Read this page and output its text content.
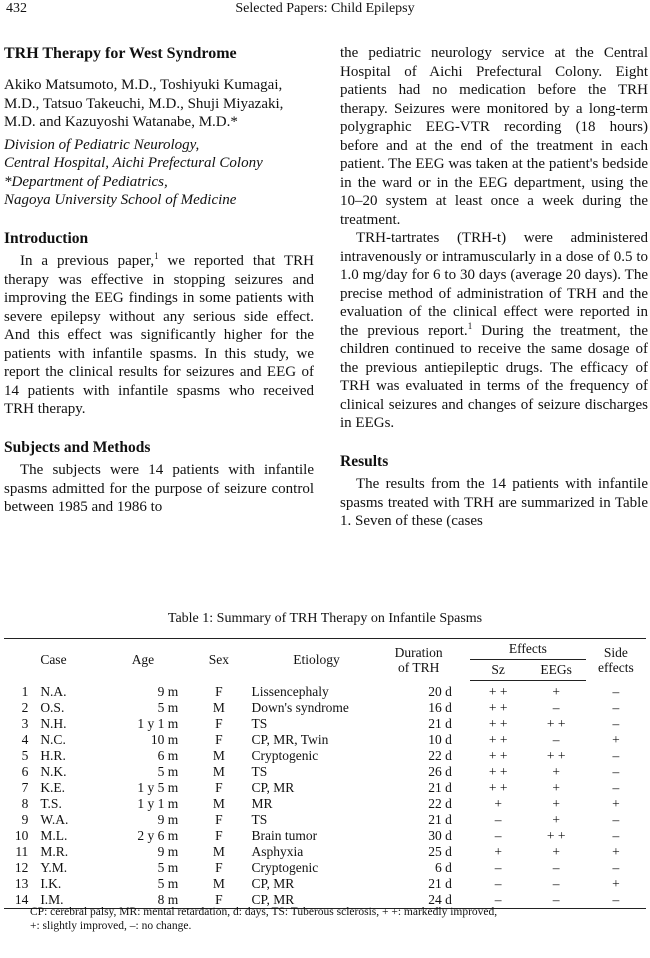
432	Selected Papers: Child Epilepsy
TRH Therapy for West Syndrome

Akiko Matsumoto, M.D., Toshiyuki Kumagai, M.D., Tatsuo Takeuchi, M.D., Shuji Miyazaki, M.D. and Kazuyoshi Watanabe, M.D.*

Division of Pediatric Neurology,
Central Hospital, Aichi Prefectural Colony
*Department of Pediatrics,
Nagoya University School of Medicine

Introduction

In a previous paper,$^1$ we reported that TRH therapy was effective in stopping seizures and improving the EEG findings in some patients with severe epilepsy without any serious side effect. And this effect was significantly higher for the patients with infantile spasms. In this study, we report the clinical results for seizures and EEG of 14 patients with infantile spasms who received TRH therapy.

Subjects and Methods

The subjects were 14 patients with infantile spasms admitted for the purpose of seizure control between 1985 and 1986 to

the pediatric neurology service at the Central Hospital of Aichi Prefectural Colony. Eight patients had no medication before the TRH therapy. Seizures were monitored by a long-term polygraphic EEG-VTR recording (18 hours) before and at the end of the treatment in each patient. The EEG was taken at the patient's bedside in the ward or in the EEG department, using the 10–20 system at least once a week during the treatment.

TRH-tartrates (TRH-t) were administered intravenously or intramuscularly in a dose of 0.5 to 1.0 mg/day for 6 to 30 days (average 20 days). The precise method of administration of TRH and the evaluation of the clinical effect were reported in the previous report.$^1$ During the treatment, the children continued to receive the same dosage of the previous antiepileptic drugs. The efficacy of TRH was evaluated in terms of the frequency of clinical seizures and changes of seizure discharges in EEGs.

Results

The results from the 14 patients with infantile spasms treated with TRH are summarized in Table 1. Seven of these (cases

Table 1: Summary of TRH Therapy on Infantile Spasms
	Case	Age	Sex	Etiology	Duration
of TRH	Effects		Side
effects
						Sz	EEGs	
1	N.A.	9 m	F	Lissencephaly	20 d	+ +	+	–
2	O.S.	5 m	M	Down's syndrome	16 d	+ +	–	–
3	N.H.	1 y 1 m	F	TS	21 d	+ +	+ +	–
4	N.C.	10 m	F	CP, MR, Twin	10 d	+ +	–	+
5	H.R.	6 m	M	Cryptogenic	22 d	+ +	+ +	–
6	N.K.	5 m	M	TS	26 d	+ +	+	–
7	K.E.	1 y 5 m	F	CP, MR	21 d	+ +	+	–
8	T.S.	1 y 1 m	M	MR	22 d	+	+	+
9	W.A.	9 m	F	TS	21 d	–	+	–
10	M.L.	2 y 6 m	F	Brain tumor	30 d	–	+ +	–
11	M.R.	9 m	M	Asphyxia	25 d	+	+	+
12	Y.M.	5 m	F	Cryptogenic	6 d	–	–	–
13	I.K.	5 m	M	CP, MR	21 d	–	–	+
14	I.M.	8 m	F	CP, MR	24 d	–	–	–
CP: cerebral palsy, MR: mental retardation, d: days, TS: Tuberous sclerosis, + +: markedly improved,
+: slightly improved, –: no change.
